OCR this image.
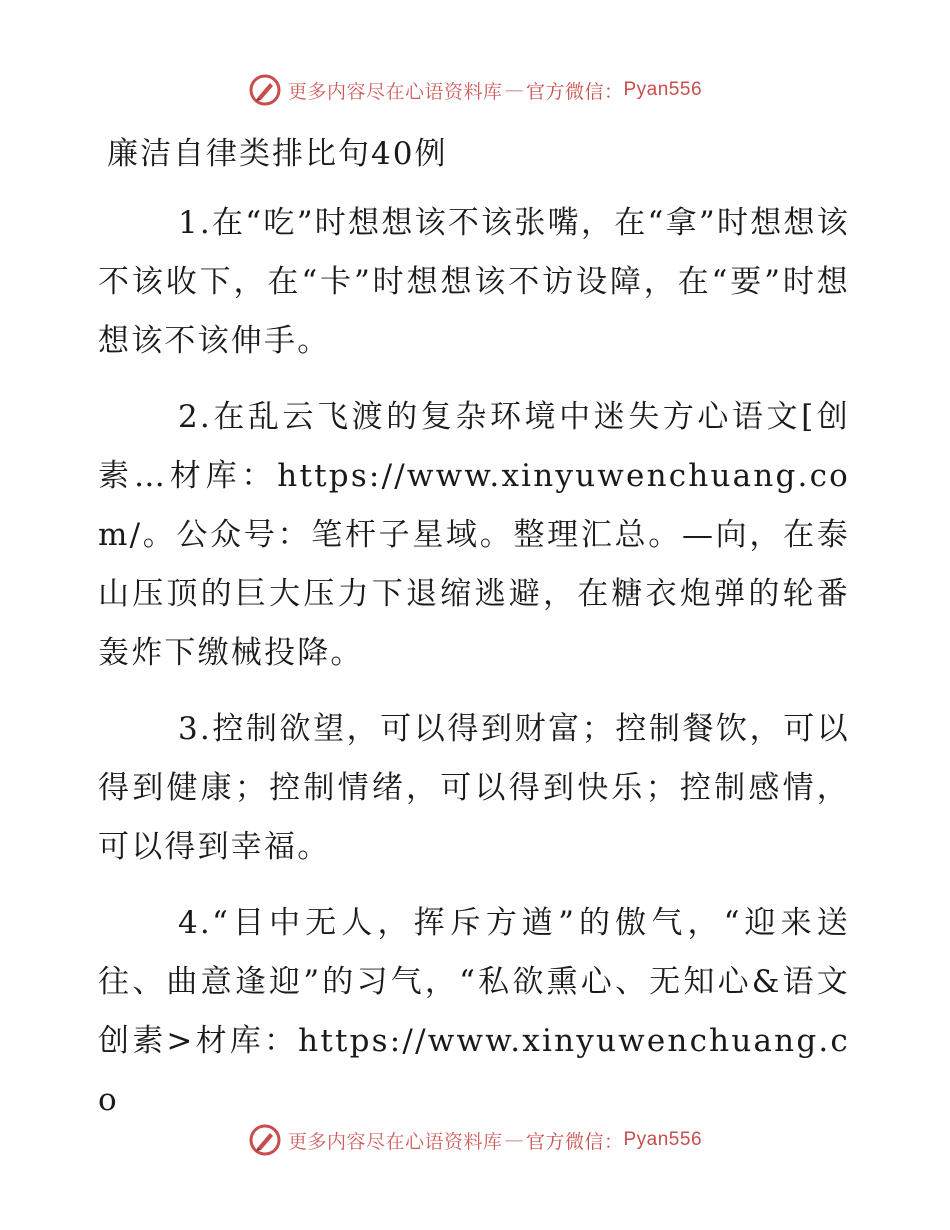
更多内容尽在心语资料库 — 官方微信： Pyan556
廉洁自律类排比句40例

1.在“吃”时想想该不该张嘴，在“拿”时想想该不该收下，在“卡”时想想该不访设障，在“要”时想想该不该伸手。

2.在乱云飞渡的复杂环境中迷失方心语文[创素…材库：https://www.xinyuwenchuang.com/。公众号：笔杆子星域。整理汇总。—向，在泰山压顶的巨大压力下退缩逃避，在糖衣炮弹的轮番轰炸下缴械投降。

3.控制欲望，可以得到财富；控制餐饮，可以得到健康；控制情绪，可以得到快乐；控制感情，可以得到幸福。

4.“目中无人，挥斥方遒”的傲气，“迎来送往、曲意逢迎”的习气，“私欲熏心、无知心&语文创素>材库：https://www.xinyuwenchuang.co

更多内容尽在心语资料库 — 官方微信： Pyan556
